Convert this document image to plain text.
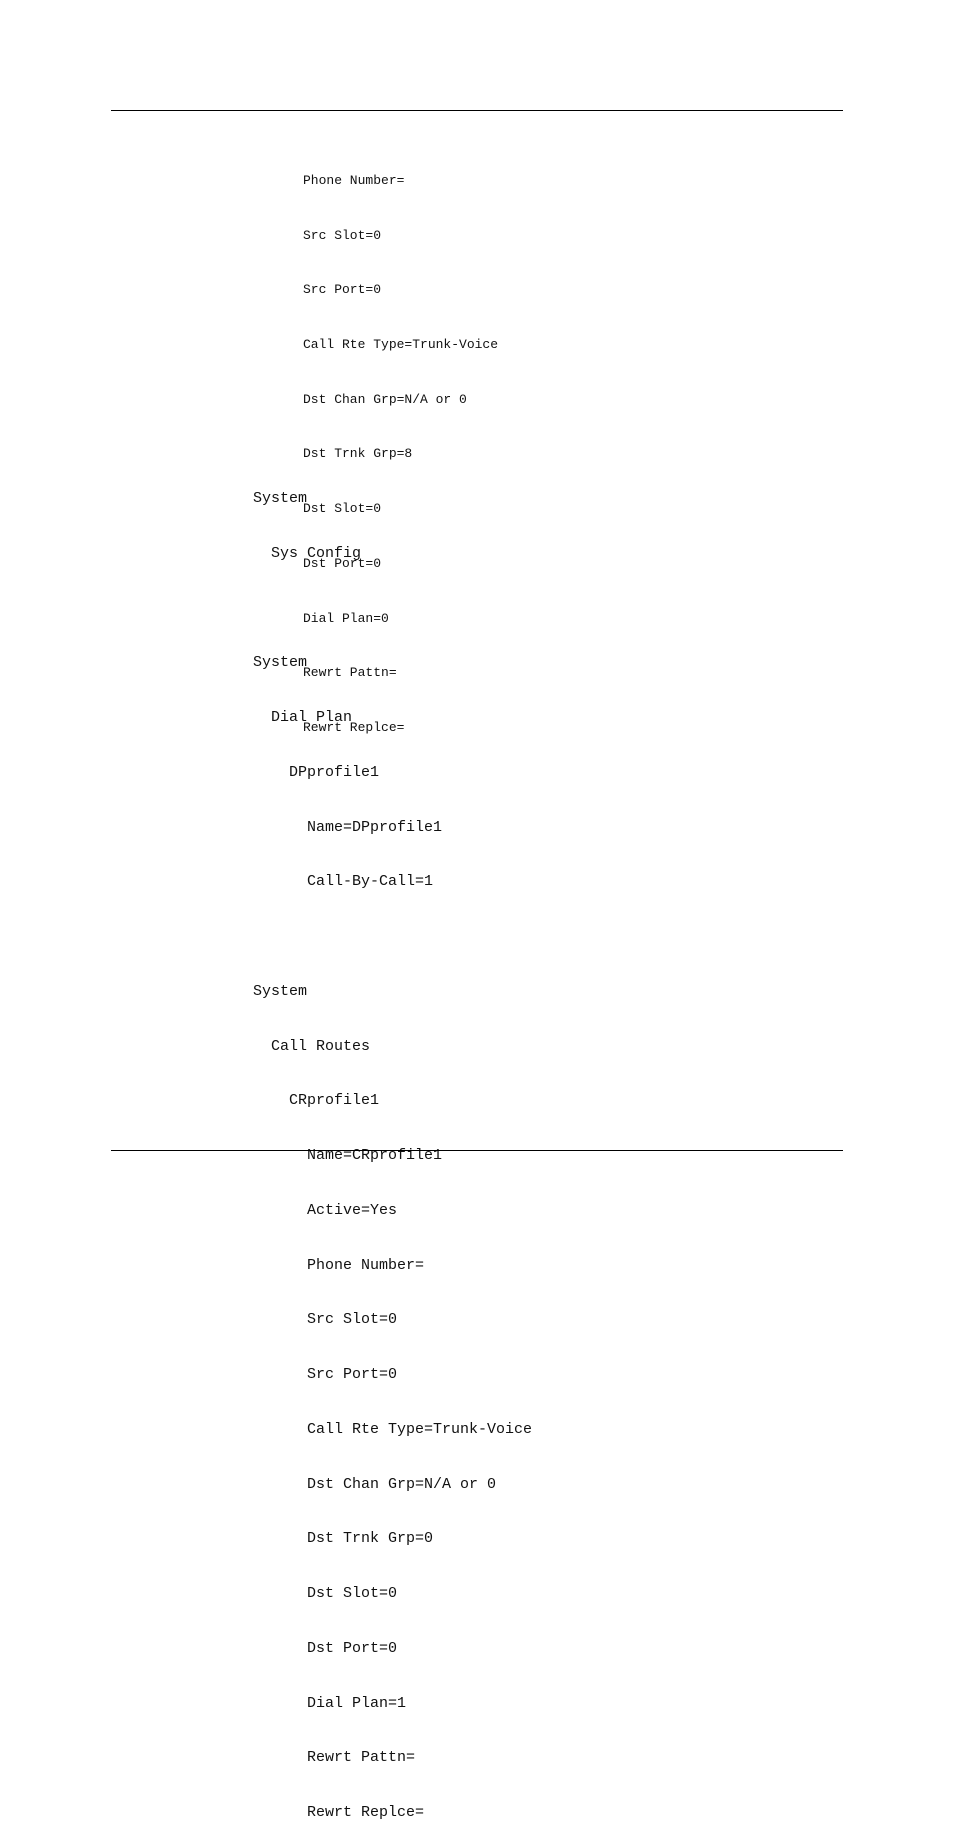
Phone Number=

Src Slot=0

Src Port=0

Call Rte Type=Trunk-Voice

Dst Chan Grp=N/A or 0

Dst Trnk Grp=8

Dst Slot=0

Dst Port=0

Dial Plan=0

Rewrt Pattn=

Rewrt Replce=

System

Sys Config

System

Dial Plan

DPprofile1

Name=DPprofile1

Call-By-Call=1

System

Call Routes

CRprofile1

Name=CRprofile1

Active=Yes

Phone Number=

Src Slot=0

Src Port=0

Call Rte Type=Trunk-Voice

Dst Chan Grp=N/A or 0

Dst Trnk Grp=0

Dst Slot=0

Dst Port=0

Dial Plan=1

Rewrt Pattn=

Rewrt Replce=
